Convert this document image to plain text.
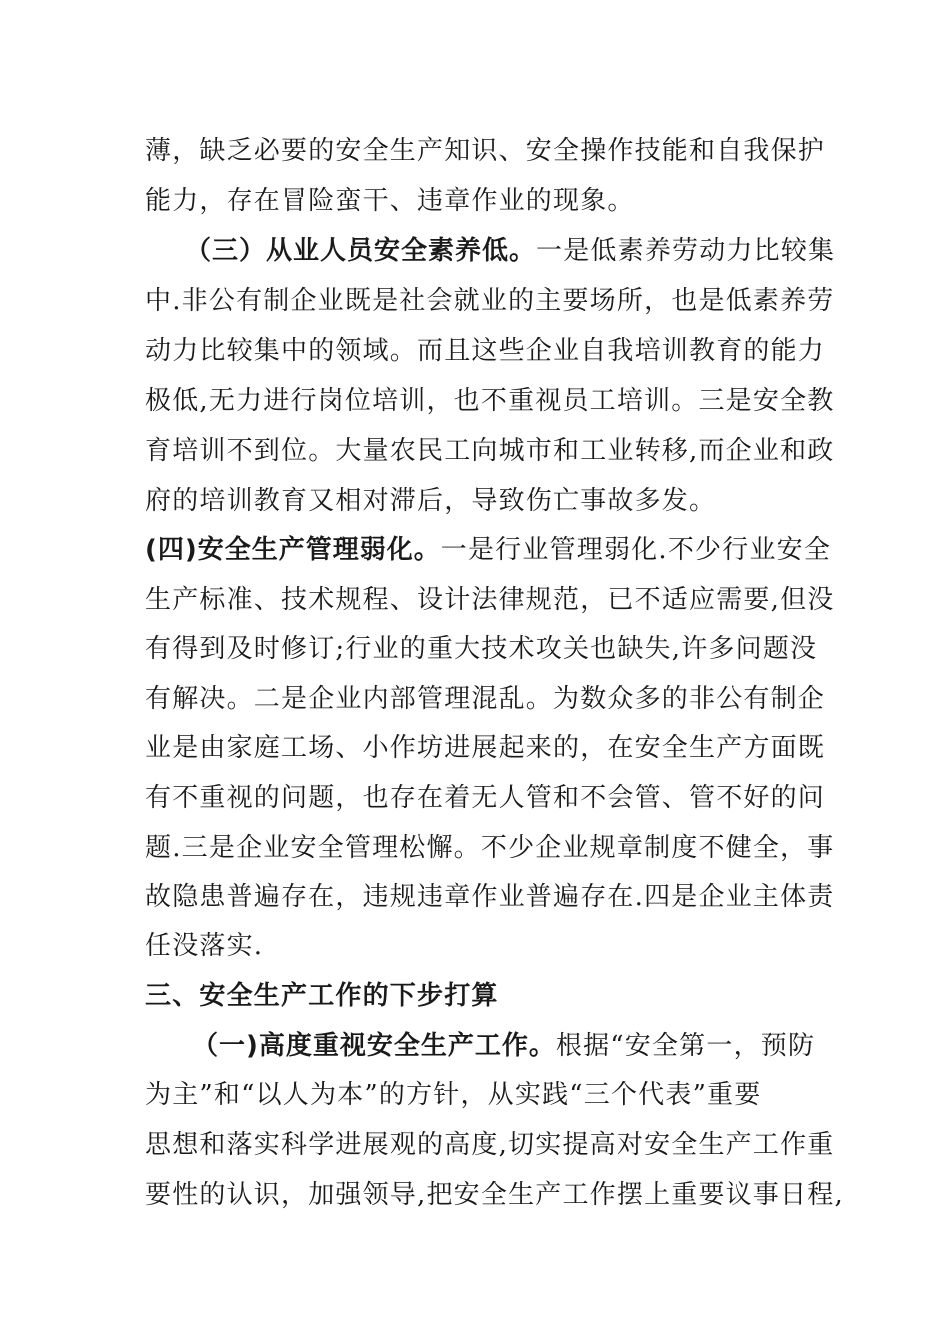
薄，缺乏必要的安全生产知识、安全操作技能和自我保护
能力，存在冒险蛮干、违章作业的现象。
（三）从业人员安全素养低。一是低素养劳动力比较集
中.非公有制企业既是社会就业的主要场所，也是低素养劳
动力比较集中的领域。而且这些企业自我培训教育的能力
极低,无力进行岗位培训，也不重视员工培训。三是安全教
育培训不到位。大量农民工向城市和工业转移,而企业和政
府的培训教育又相对滞后，导致伤亡事故多发。
(四)安全生产管理弱化。一是行业管理弱化.不少行业安全
生产标准、技术规程、设计法律规范，已不适应需要,但没
有得到及时修订;行业的重大技术攻关也缺失,许多问题没
有解决。二是企业内部管理混乱。为数众多的非公有制企
业是由家庭工场、小作坊进展起来的，在安全生产方面既
有不重视的问题，也存在着无人管和不会管、管不好的问
题.三是企业安全管理松懈。不少企业规章制度不健全，事
故隐患普遍存在，违规违章作业普遍存在.四是企业主体责
任没落实.
三、安全生产工作的下步打算
（一)高度重视安全生产工作。根据“安全第一，预防
为主”和“以人为本”的方针，从实践“三个代表”重要
思想和落实科学进展观的高度,切实提高对安全生产工作重
要性的认识，加强领导,把安全生产工作摆上重要议事日程,
